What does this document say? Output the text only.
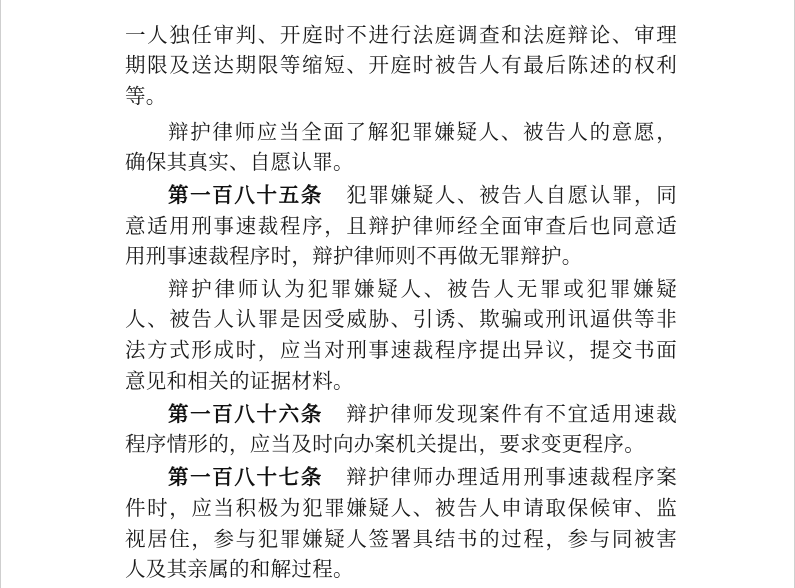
一人独任审判、开庭时不进行法庭调查和法庭辩论、审理
期限及送达期限等缩短、开庭时被告人有最后陈述的权利
等。
辩护律师应当全面了解犯罪嫌疑人、被告人的意愿，
确保其真实、自愿认罪。
第一百八十五条 犯罪嫌疑人、被告人自愿认罪，同
意适用刑事速裁程序，且辩护律师经全面审查后也同意适
用刑事速裁程序时，辩护律师则不再做无罪辩护。
辩护律师认为犯罪嫌疑人、被告人无罪或犯罪嫌疑
人、被告人认罪是因受威胁、引诱、欺骗或刑讯逼供等非
法方式形成时，应当对刑事速裁程序提出异议，提交书面
意见和相关的证据材料。
第一百八十六条 辩护律师发现案件有不宜适用速裁
程序情形的，应当及时向办案机关提出，要求变更程序。
第一百八十七条 辩护律师办理适用刑事速裁程序案
件时，应当积极为犯罪嫌疑人、被告人申请取保候审、监
视居住，参与犯罪嫌疑人签署具结书的过程，参与同被害
人及其亲属的和解过程。
